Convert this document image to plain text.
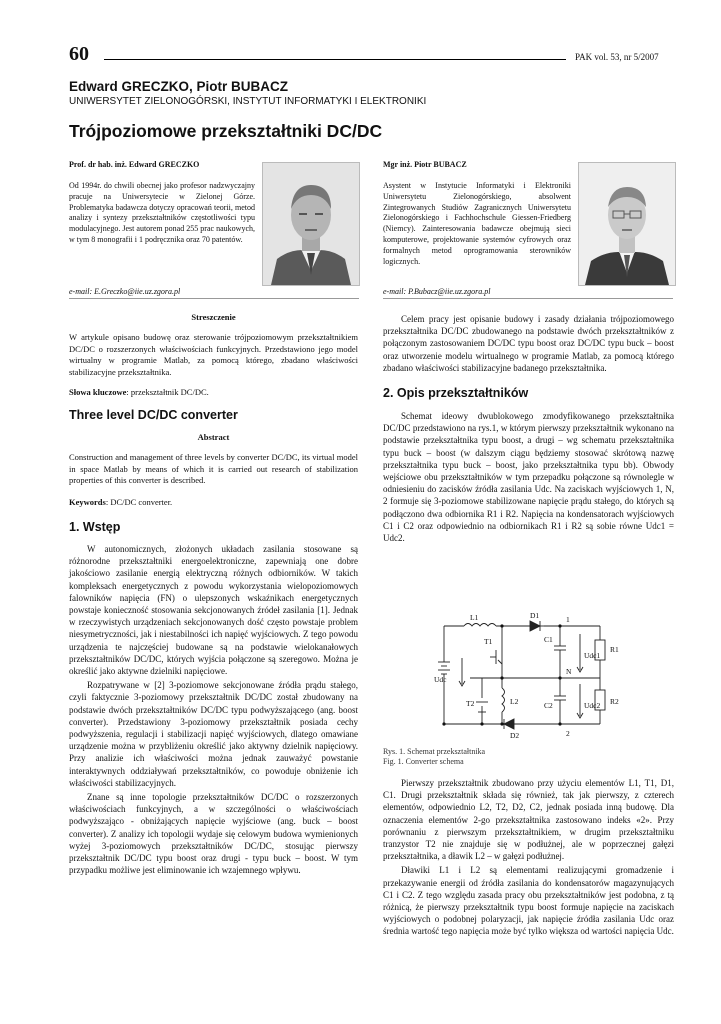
60	PAK vol. 53, nr 5/2007
Edward GRECZKO, Piotr BUBACZ
UNIWERSYTET ZIELONOGÓRSKI, INSTYTUT INFORMATYKI I ELEKTRONIKI
Trójpoziomowe przekształtniki DC/DC
Prof. dr hab. inż. Edward GRECZKO
Od 1994r. do chwili obecnej jako profesor nadzwyczajny pracuje na Uniwersytecie w Zielonej Górze. Problematyka badawcza dotyczy opracowań teorii, metod analizy i syntezy przekształtników częstotliwości typu modulacyjnego. Jest autorem ponad 255 prac naukowych, w tym 8 monografii i 1 podręcznika oraz 70 patentów.
e-mail: E.Greczko@iie.uz.zgora.pl
Mgr inż. Piotr BUBACZ
Asystent w Instytucie Informatyki i Elektroniki Uniwersytetu Zielonogórskiego, absolwent Zintegrowanych Studiów Zagranicznych Uniwersytetu Zielonogórskiego i Fachhochschule Giessen-Friedberg (Niemcy). Zainteresowania badawcze obejmują sieci komputerowe, projektowanie systemów cyfrowych oraz formalnych metod oprogramowania sterowników logicznych.
e-mail: P.Bubacz@iie.uz.zgora.pl
Streszczenie

W artykule opisano budowę oraz sterowanie trójpoziomowym przekształtnikiem DC/DC o rozszerzonych właściwościach funkcyjnych. Przedstawiono jego model wirtualny w programie Matlab, za pomocą którego, zbadano właściwości stabilizacyjne przekształtnika.

Słowa kluczowe: przekształtnik DC/DC.

Three level DC/DC converter
Abstract

Construction and management of three levels by converter DC/DC, its virtual model in space Matlab by means of which it is carried out research of stabilization properties of this converter is described.

Keywords: DC/DC converter.

1. Wstęp

W autonomicznych, złożonych układach zasilania stosowane są różnorodne przekształtniki energoelektroniczne, zapewniają one dobre jakościowo zasilanie energią elektryczną różnych odbiorników. W takich kompleksach energetycznych z powodu wykorzystania wielopoziomowych falowników napięcia (FN) o ulepszonych wskaźnikach energetycznych powstaje konieczność stosowania sekcjonowanych źródeł zasilania [1]. Jednak w rzeczywistych urządzeniach sekcjonowanych dość często powstaje problem niesymetryczności, jak i niestabilności ich napięć wyjściowych. Z tego powodu urządzenia te najczęściej budowane są na podstawie wielokanałowych przekształtników DC/DC, których wyjścia połączone są szeregowo. Można je określić jako aktywne dzielniki napięciowe.

Rozpatrywane w [2] 3-poziomowe sekcjonowane źródła prądu stałego, czyli faktycznie 3-poziomowy przekształtnik DC/DC został zbudowany na podstawie dwóch przekształtników DC/DC typu podwyższającego (ang. boost converter). Przedstawiony 3-poziomowy przekształtnik posiada cechy podwyższenia, regulacji i stabilizacji napięć wyjściowych, dlatego omawiane urządzenie można w przybliżeniu określić jako aktywny dzielnik napięciowy. Przy analizie ich właściwości można jednak zauważyć powstanie interaktywnych oddziaływań przekształtników, co powoduje obniżenie ich właściwości stabilizacyjnych.

Znane są inne topologie przekształtników DC/DC o rozszerzonych właściwościach funkcyjnych, a w szczególności o właściwościach podwyższająco - obniżających napięcie wyjściowe (ang. buck – boost converter). Z analizy ich topologii wydaje się celowym budowa wymienionych wyżej 3-poziomowych przekształtników DC/DC, stosując pierwszy przekształtnik DC/DC typu boost oraz drugi - typu buck – boost. W tym przypadku możliwe jest eliminowanie ich wzajemnego wpływu.

Celem pracy jest opisanie budowy i zasady działania trójpoziomowego przekształtnika DC/DC zbudowanego na podstawie dwóch przekształtników z połączonym zastosowaniem DC/DC typu boost oraz DC/DC typu buck – boost oraz utworzenie modelu wirtualnego w programie Matlab, za pomocą którego zbadano właściwości stabilizacyjne badanego przekształtnika.

2. Opis przekształtników

Schemat ideowy dwublokowego zmodyfikowanego przekształtnika DC/DC przedstawiono na rys.1, w którym pierwszy przekształtnik wykonano na podstawie przekształtnika typu boost, a drugi – wg schematu przekształtnika typu buck – boost (w dalszym ciągu będziemy stosować skrótową nazwę przekształtnika typu buck – boost, jako przekształtnika typu bb). Obwody wejściowe obu przekształtników w tym przepadku połączone są równolegle w odniesieniu do zacisków źródła zasilania Udc. Na zaciskach wyjściowych 1, N, 2 formuje się 3-poziomowe stabilizowane napięcie prądu stałego, do których są podłączono dwa odbiornika R1 i R2. Napięcia na kondensatorach wyjściowych C1 i C2 oraz odpowiednio na odbiornikach R1 i R2 są sobie równe Udc1 = Udc2.

L1
T1
D1
C1
R1
Udc1
L2
T2
D2
C2	R2
Udc2
Udc
1
N
2
Rys. 1. Schemat przekształtnika
Fig. 1. Converter schema

Pierwszy przekształtnik zbudowano przy użyciu elementów L1, T1, D1, C1. Drugi przekształtnik składa się również, tak jak pierwszy, z czterech elementów, odpowiednio L2, T2, D2, C2, jednak posiada inną budowę. Dla oznaczenia elementów 2-go przekształtnika zastosowano indeks «2». Przy porównaniu z pierwszym przekształtnikiem, w drugim przekształtniku tranzystor T2 nie znajduje się w podłużnej, ale w poprzecznej gałęzi przekształtnika, a dławik L2 – w gałęzi podłużnej.

Dławiki L1 i L2 są elementami realizującymi gromadzenie i przekazywanie energii od źródła zasilania do kondensatorów magazynujących C1 i C2. Z tego względu zasada pracy obu przekształtników jest podobna, z tą różnicą, że pierwszy przekształtnik typu boost formuje napięcie na zaciskach wyjściowych o podobnej polaryzacji, jak napięcie źródła zasilania Udc oraz średnia wartość tego napięcia może być tylko większa od wartości napięcia Udc.
